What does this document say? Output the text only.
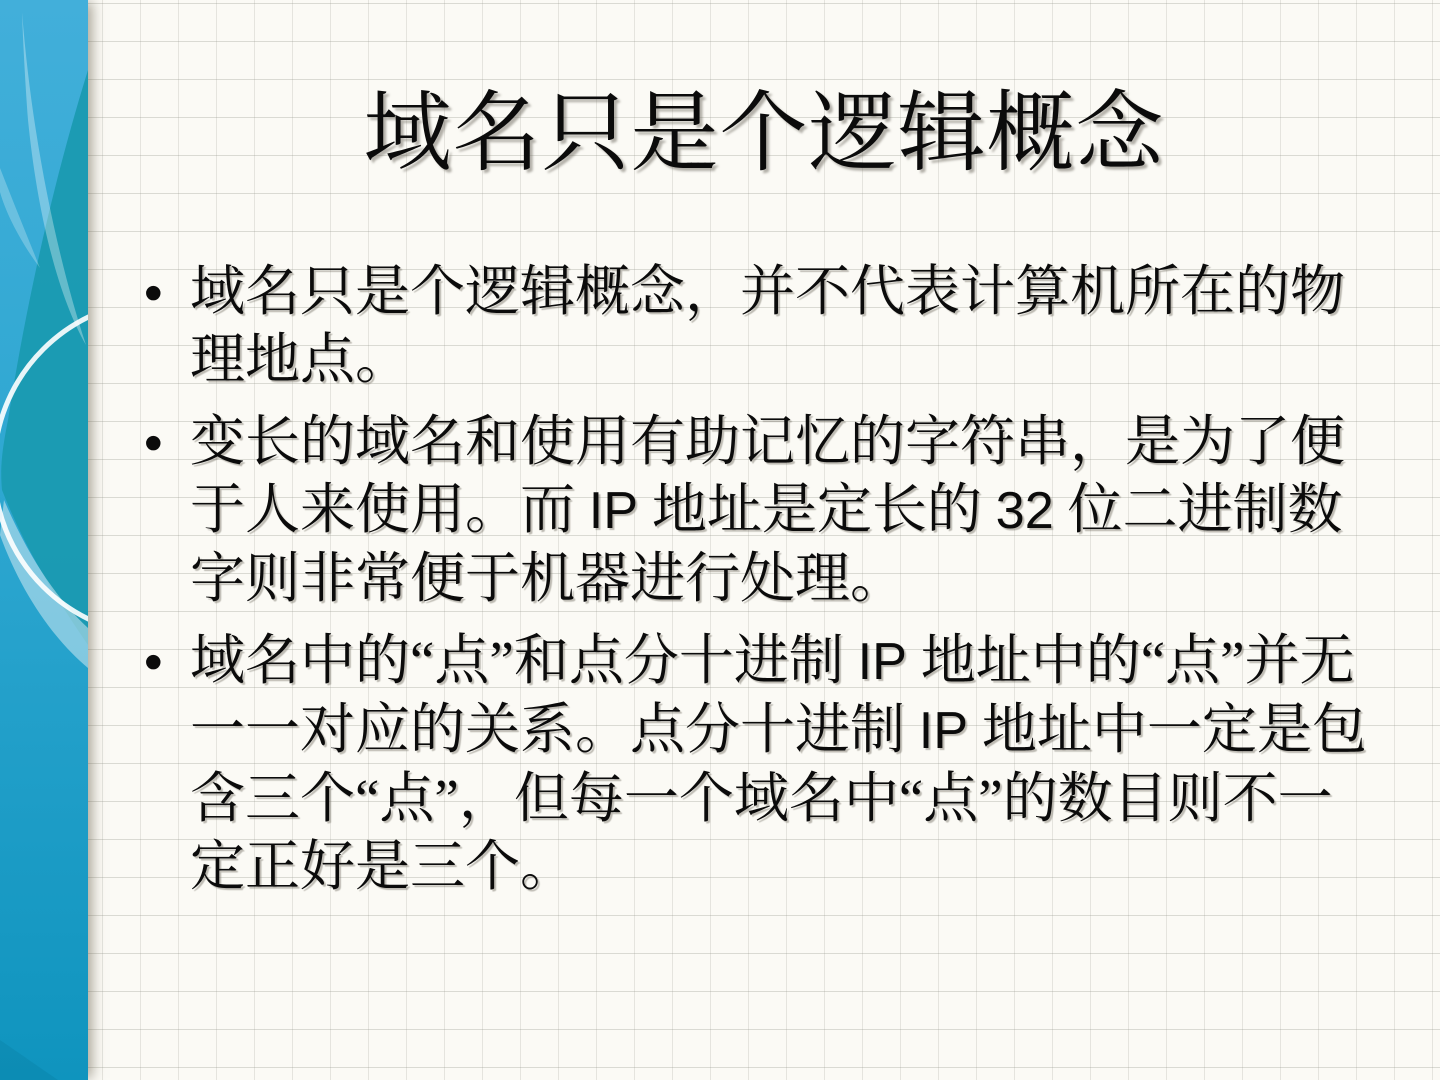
域名只是个逻辑概念
● 域名只是个逻辑概念，并不代表计算机所在的物理地点。
● 变长的域名和使用有助记忆的字符串，是为了便于人来使用。而 IP 地址是定长的 32 位二进制数字则非常便于机器进行处理。
● 域名中的“点”和点分十进制 IP 地址中的“点”并无一一对应的关系。点分十进制 IP 地址中一定是包含三个“点”，但每一个域名中“点”的数目则不一定正好是三个。
